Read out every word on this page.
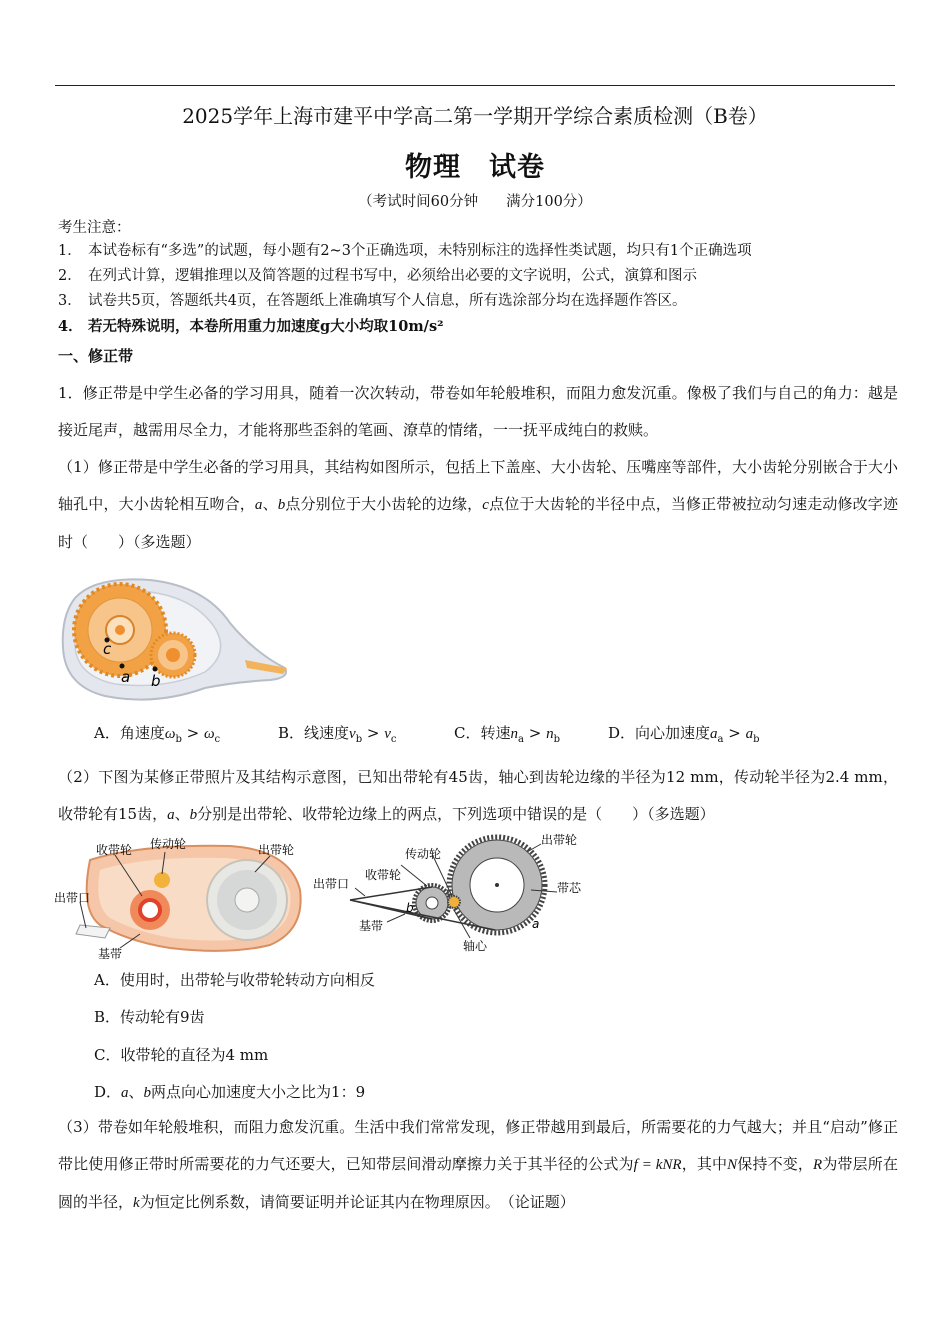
2025学年上海市建平中学高二第一学期开学综合素质检测（B卷）
物理 试卷
（考试时间60分钟 满分100分）
考生注意：
1． 本试卷标有“多选”的试题，每小题有2~3个正确选项，未特别标注的选择性类试题，均只有1个正确选项
2． 在列式计算，逻辑推理以及简答题的过程书写中，必须给出必要的文字说明，公式，演算和图示
3． 试卷共5页，答题纸共4页，在答题纸上准确填写个人信息，所有选涂部分均在选择题作答区。
4． 若无特殊说明，本卷所用重力加速度g大小均取10m/s²
一、修正带
1．修正带是中学生必备的学习用具，随着一次次转动，带卷如年轮般堆积，而阻力愈发沉重。像极了我们与自己的角力：越是接近尾声，越需用尽全力，才能将那些歪斜的笔画、潦草的情绪，一一抚平成纯白的救赎。
（1）修正带是中学生必备的学习用具，其结构如图所示，包括上下盖座、大小齿轮、压嘴座等部件，大小齿轮分别嵌合于大小轴孔中，大小齿轮相互吻合，a、b点分别位于大小齿轮的边缘，c点位于大齿轮的半径中点，当修正带被拉动匀速走动修改字迹时（　　）（多选题）
c
a b
A．角速度$\omega_b > \omega_c$	B．线速度$v_b > v_c$	C．转速$n_a > n_b$	D．向心加速度$a_a > a_b$
（2）下图为某修正带照片及其结构示意图，已知出带轮有45齿，轴心到齿轮边缘的半径为12 mm，传动轮半径为2.4 mm，收带轮有15齿，a、b分别是出带轮、收带轮边缘上的两点，下列选项中错误的是（　　）（多选题）
收带轮 传动轮	出带轮
出带口
基带
传动轮
出带轮
出带口
收带轮
带芯
基带
轴心
b
a
A．使用时，出带轮与收带轮转动方向相反
B．传动轮有9齿
C．收带轮的直径为4 mm
D．a、b两点向心加速度大小之比为1：9
（3）带卷如年轮般堆积，而阻力愈发沉重。生活中我们常常发现，修正带越用到最后，所需要花的力气越大；并且“启动”修正带比使用修正带时所需要花的力气还要大，已知带层间滑动摩擦力关于其半径的公式为f = kNR，其中N保持不变，R为带层所在圆的半径，k为恒定比例系数，请简要证明并论证其内在物理原因。　（论证题）
